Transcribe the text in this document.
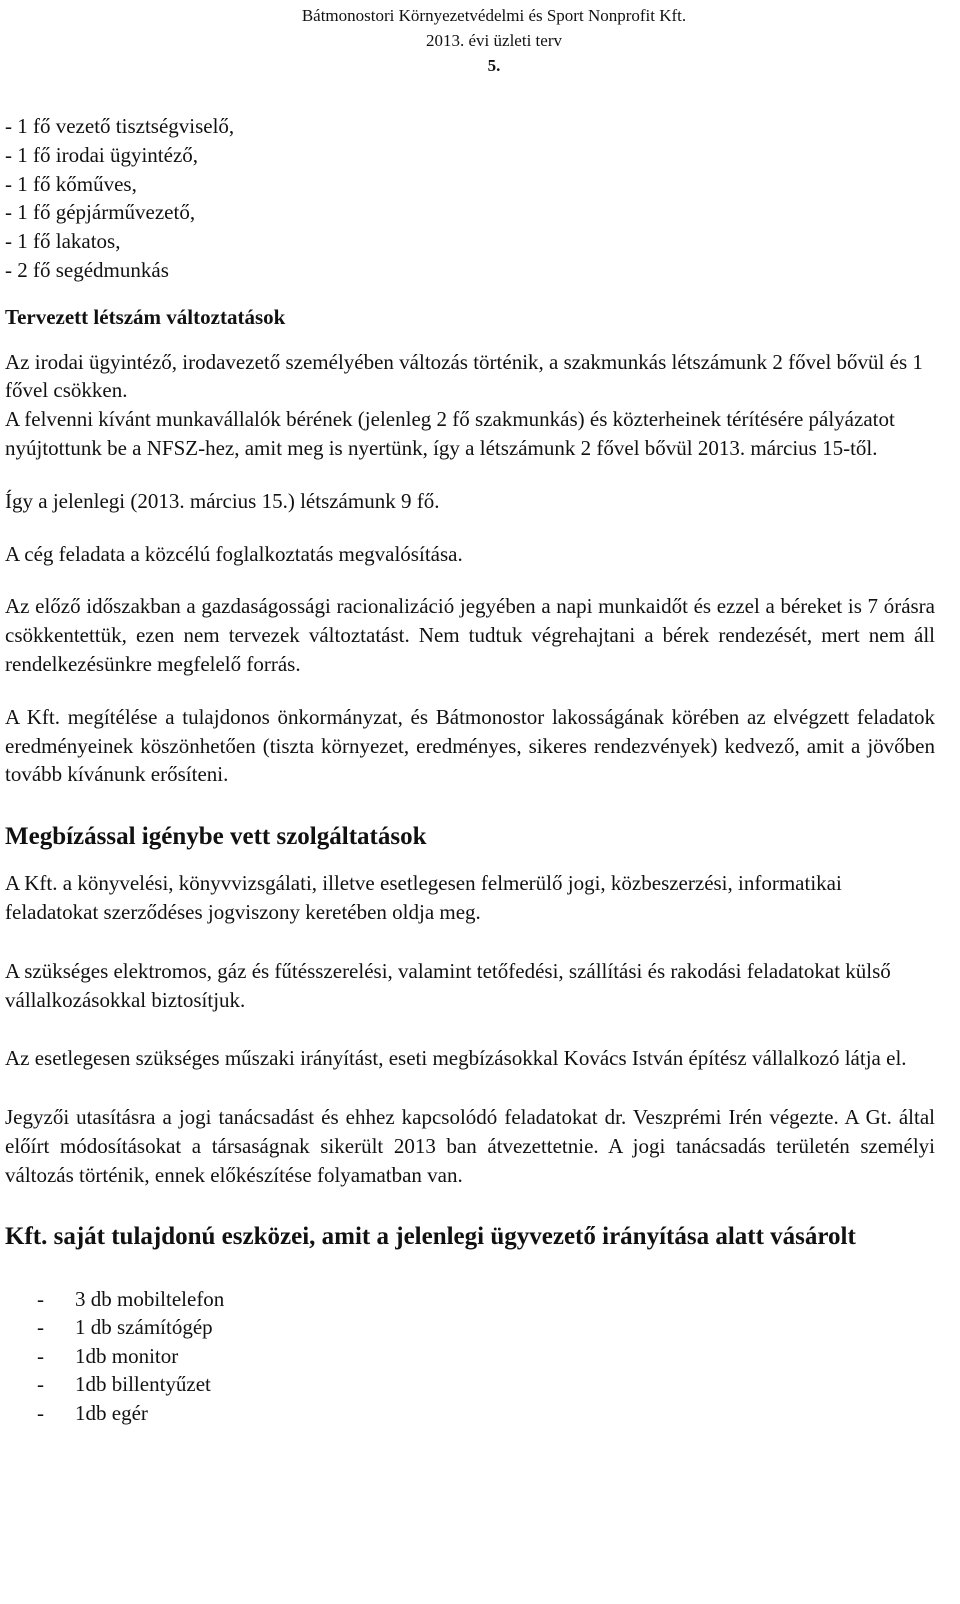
Bátmonostori Környezetvédelmi és Sport Nonprofit Kft.
2013. évi üzleti terv
5.
- 1 fő vezető tisztségviselő,
- 1 fő irodai ügyintéző,
- 1 fő kőműves,
- 1 fő gépjárművezető,
- 1 fő lakatos,
- 2 fő segédmunkás

Tervezett létszám változtatások

Az irodai ügyintéző, irodavezető személyében változás történik, a szakmunkás létszámunk 2 fővel bővül és 1 fővel csökken.

A felvenni kívánt munkavállalók bérének (jelenleg 2 fő szakmunkás) és közterheinek térítésére pályázatot nyújtottunk be a NFSZ-hez, amit meg is nyertünk, így a létszámunk 2 fővel bővül 2013. március 15-től.

Így a jelenlegi (2013. március 15.) létszámunk 9 fő.

A cég feladata a közcélú foglalkoztatás megvalósítása.

Az előző időszakban a gazdaságossági racionalizáció jegyében a napi munkaidőt és ezzel a béreket is 7 órásra csökkentettük, ezen nem tervezek változtatást. Nem tudtuk végrehajtani a bérek rendezését, mert nem áll rendelkezésünkre megfelelő forrás.

A Kft. megítélése a tulajdonos önkormányzat, és Bátmonostor lakosságának körében az elvégzett feladatok eredményeinek köszönhetően (tiszta környezet, eredményes, sikeres rendezvények) kedvező, amit a jövőben tovább kívánunk erősíteni.

Megbízással igénybe vett szolgáltatások

A Kft. a könyvelési, könyvvizsgálati, illetve esetlegesen felmerülő jogi, közbeszerzési, informatikai feladatokat szerződéses jogviszony keretében oldja meg.

A szükséges elektromos, gáz és fűtésszerelési, valamint tetőfedési, szállítási és rakodási feladatokat külső vállalkozásokkal biztosítjuk.

Az esetlegesen szükséges műszaki irányítást, eseti megbízásokkal Kovács István építész vállalkozó látja el.

Jegyzői utasításra a jogi tanácsadást és ehhez kapcsolódó feladatokat dr. Veszprémi Irén végezte. A Gt. által előírt módosításokat a társaságnak sikerült 2013 ban átvezettetnie. A jogi tanácsadás területén személyi változás történik, ennek előkészítése folyamatban van.

Kft. saját tulajdonú eszközei, amit a jelenlegi ügyvezető irányítása alatt vásárolt

-	3 db mobiltelefon
-	1 db számítógép
-	1db monitor
-	1db billentyűzet
-	1db egér
